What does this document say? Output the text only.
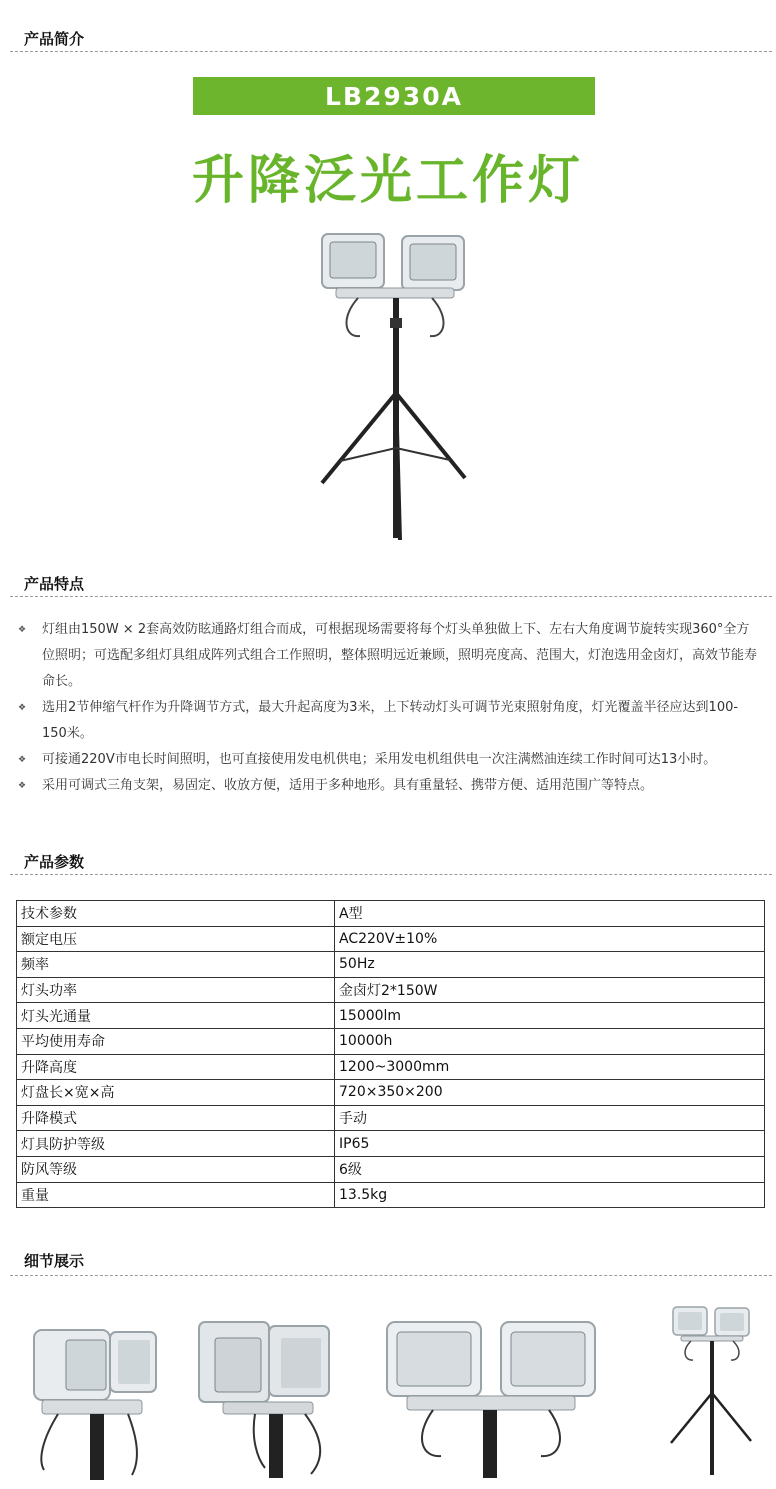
产品简介
LB2930A
升降泛光工作灯
产品特点
❖ 灯组由150W × 2套高效防眩通路灯组合而成，可根据现场需要将每个灯头单独做上下、左右大角度调节旋转实现360°全方位照明；可选配多组灯具组成阵列式组合工作照明，整体照明远近兼顾，照明亮度高、范围大，灯泡选用金卤灯，高效节能寿命长。
❖ 选用2节伸缩气杆作为升降调节方式，最大升起高度为3米，上下转动灯头可调节光束照射角度，灯光覆盖半径应达到100-150米。
❖ 可接通220V市电长时间照明，也可直接使用发电机供电；采用发电机组供电一次注满燃油连续工作时间可达13小时。
❖ 采用可调式三角支架，易固定、收放方便，适用于多种地形。具有重量轻、携带方便、适用范围广等特点。
产品参数
技术参数	A型
额定电压	AC220V±10%
频率	50Hz
灯头功率	金卤灯2*150W
灯头光通量	15000lm
平均使用寿命	10000h
升降高度	1200~3000mm
灯盘长×宽×高	720×350×200
升降模式	手动
灯具防护等级	IP65
防风等级	6级
重量	13.5kg
细节展示
